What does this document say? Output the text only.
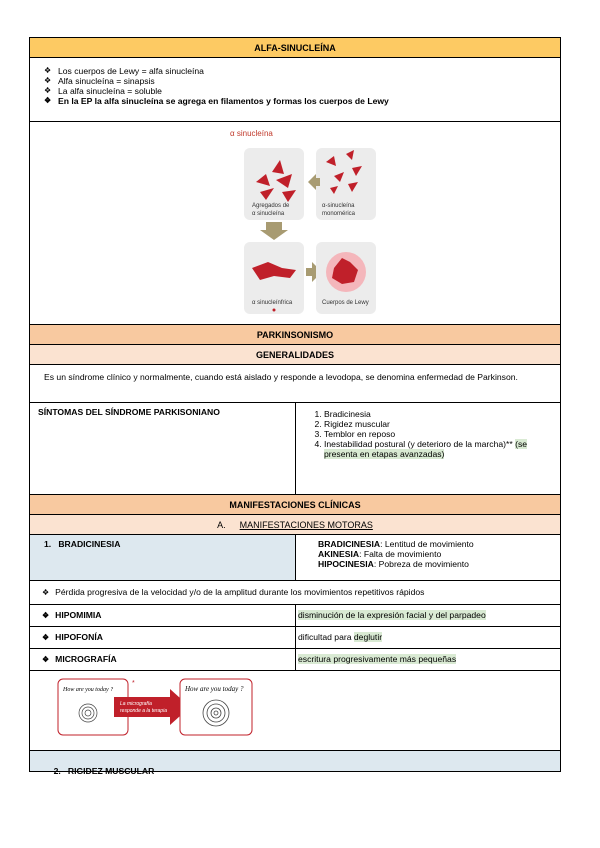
ALFA-SINUCLEÍNA
❖ Los cuerpos de Lewy = alfa sinucleína
❖ Alfa sinucleína = sinapsis
❖ La alfa sinucleína = soluble
❖ En la EP la alfa sinucleína se agrega en filamentos y formas los cuerpos de Lewy
α sinucleína
Agregados de
α sinucleína
α-sinucleína
monomérica
α sinucleínfrica	Cuerpos de Lewy
PARKINSONISMO
GENERALIDADES
Es un síndrome clínico y normalmente, cuando está aislado y responde a levodopa, se denomina enfermedad de Parkinson.
SÍNTOMAS DEL SÍNDROME PARKISONIANO
1.	Bradicinesia
2. Rigidez muscular
3. Temblor en reposo
4. Inestabilidad postural (y deterioro de la marcha)** (se presenta en etapas avanzadas)
MANIFESTACIONES CLÍNICAS
A. MANIFESTACIONES MOTORAS
1.   BRADICINESIA	BRADICINESIA: Lentitud de movimiento
AKINESIA: Falta de movimiento
HIPOCINESIA: Pobreza de movimiento
❖ Pérdida progresiva de la velocidad y/o de la amplitud durante los movimientos repetitivos rápidos
❖ HIPOMIMIA	disminución de la expresión facial y del parpadeo
❖ HIPOFONÍA	dificultad para deglutir
❖ MICROGRAFÍA	escritura progresivamente más pequeñas
How are you today ?
La micrografía
responde a la terapia
*
How are you today ?

2.   RIGIDEZ MUSCULAR
